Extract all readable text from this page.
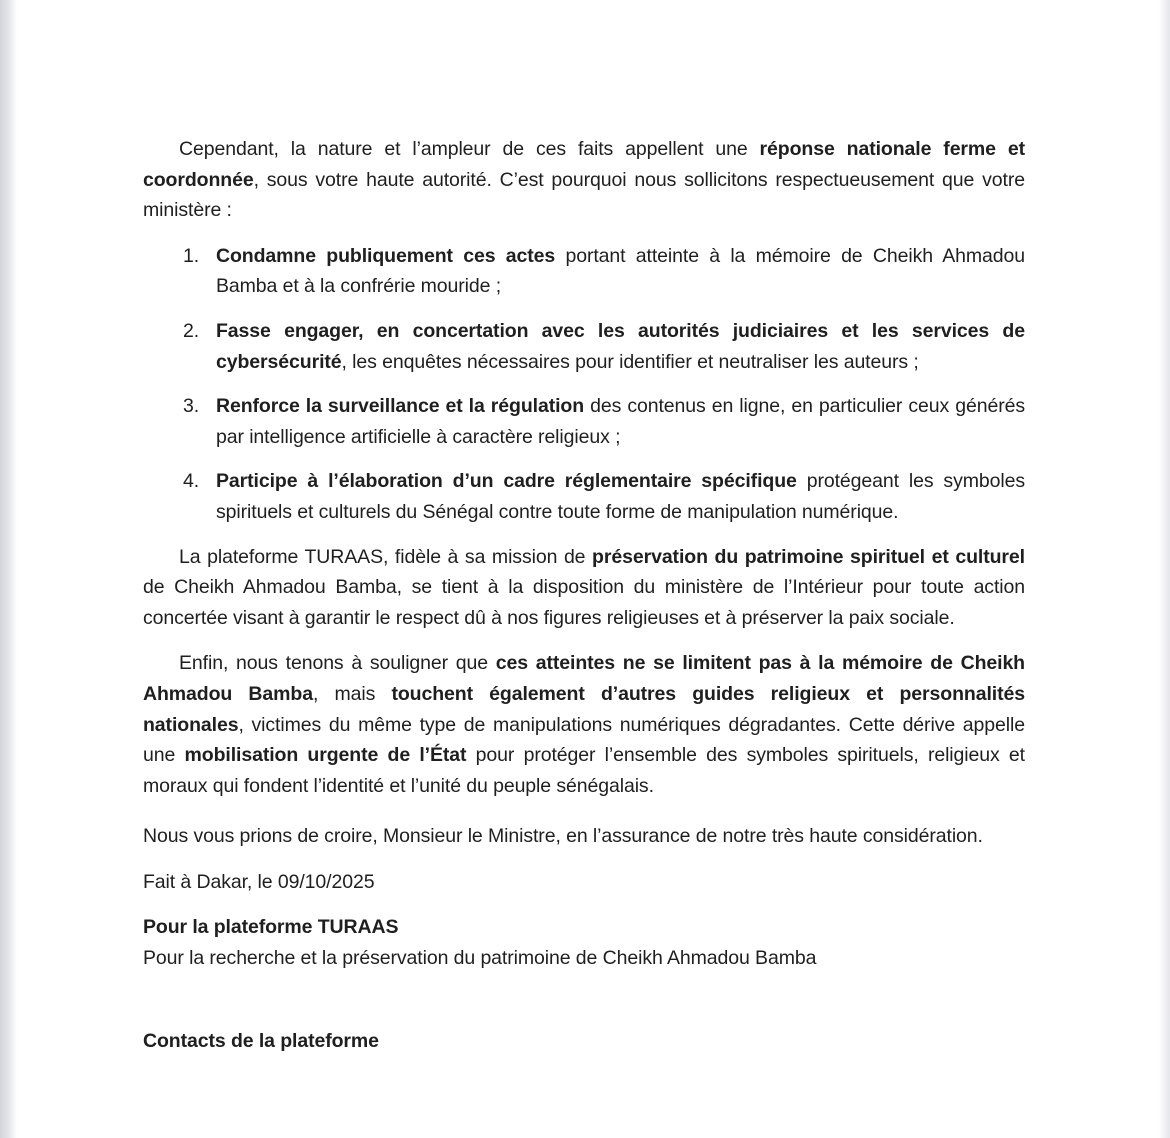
Cependant, la nature et l’ampleur de ces faits appellent une réponse nationale ferme et coordonnée, sous votre haute autorité. C’est pourquoi nous sollicitons respectueusement que votre ministère :

1. Condamne publiquement ces actes portant atteinte à la mémoire de Cheikh Ahmadou Bamba et à la confrérie mouride ;
2. Fasse engager, en concertation avec les autorités judiciaires et les services de cybersécurité, les enquêtes nécessaires pour identifier et neutraliser les auteurs ;
3. Renforce la surveillance et la régulation des contenus en ligne, en particulier ceux générés par intelligence artificielle à caractère religieux ;
4. Participe à l’élaboration d’un cadre réglementaire spécifique protégeant les symboles spirituels et culturels du Sénégal contre toute forme de manipulation numérique.

La plateforme TURAAS, fidèle à sa mission de préservation du patrimoine spirituel et culturel de Cheikh Ahmadou Bamba, se tient à la disposition du ministère de l’Intérieur pour toute action concertée visant à garantir le respect dû à nos figures religieuses et à préserver la paix sociale.

Enfin, nous tenons à souligner que ces atteintes ne se limitent pas à la mémoire de Cheikh Ahmadou Bamba, mais touchent également d’autres guides religieux et personnalités nationales, victimes du même type de manipulations numériques dégradantes. Cette dérive appelle une mobilisation urgente de l’État pour protéger l’ensemble des symboles spirituels, religieux et moraux qui fondent l’identité et l’unité du peuple sénégalais.

Nous vous prions de croire, Monsieur le Ministre, en l’assurance de notre très haute considération.

Fait à Dakar, le 09/10/2025

Pour la plateforme TURAAS

Pour la recherche et la préservation du patrimoine de Cheikh Ahmadou Bamba

Contacts de la plateforme
